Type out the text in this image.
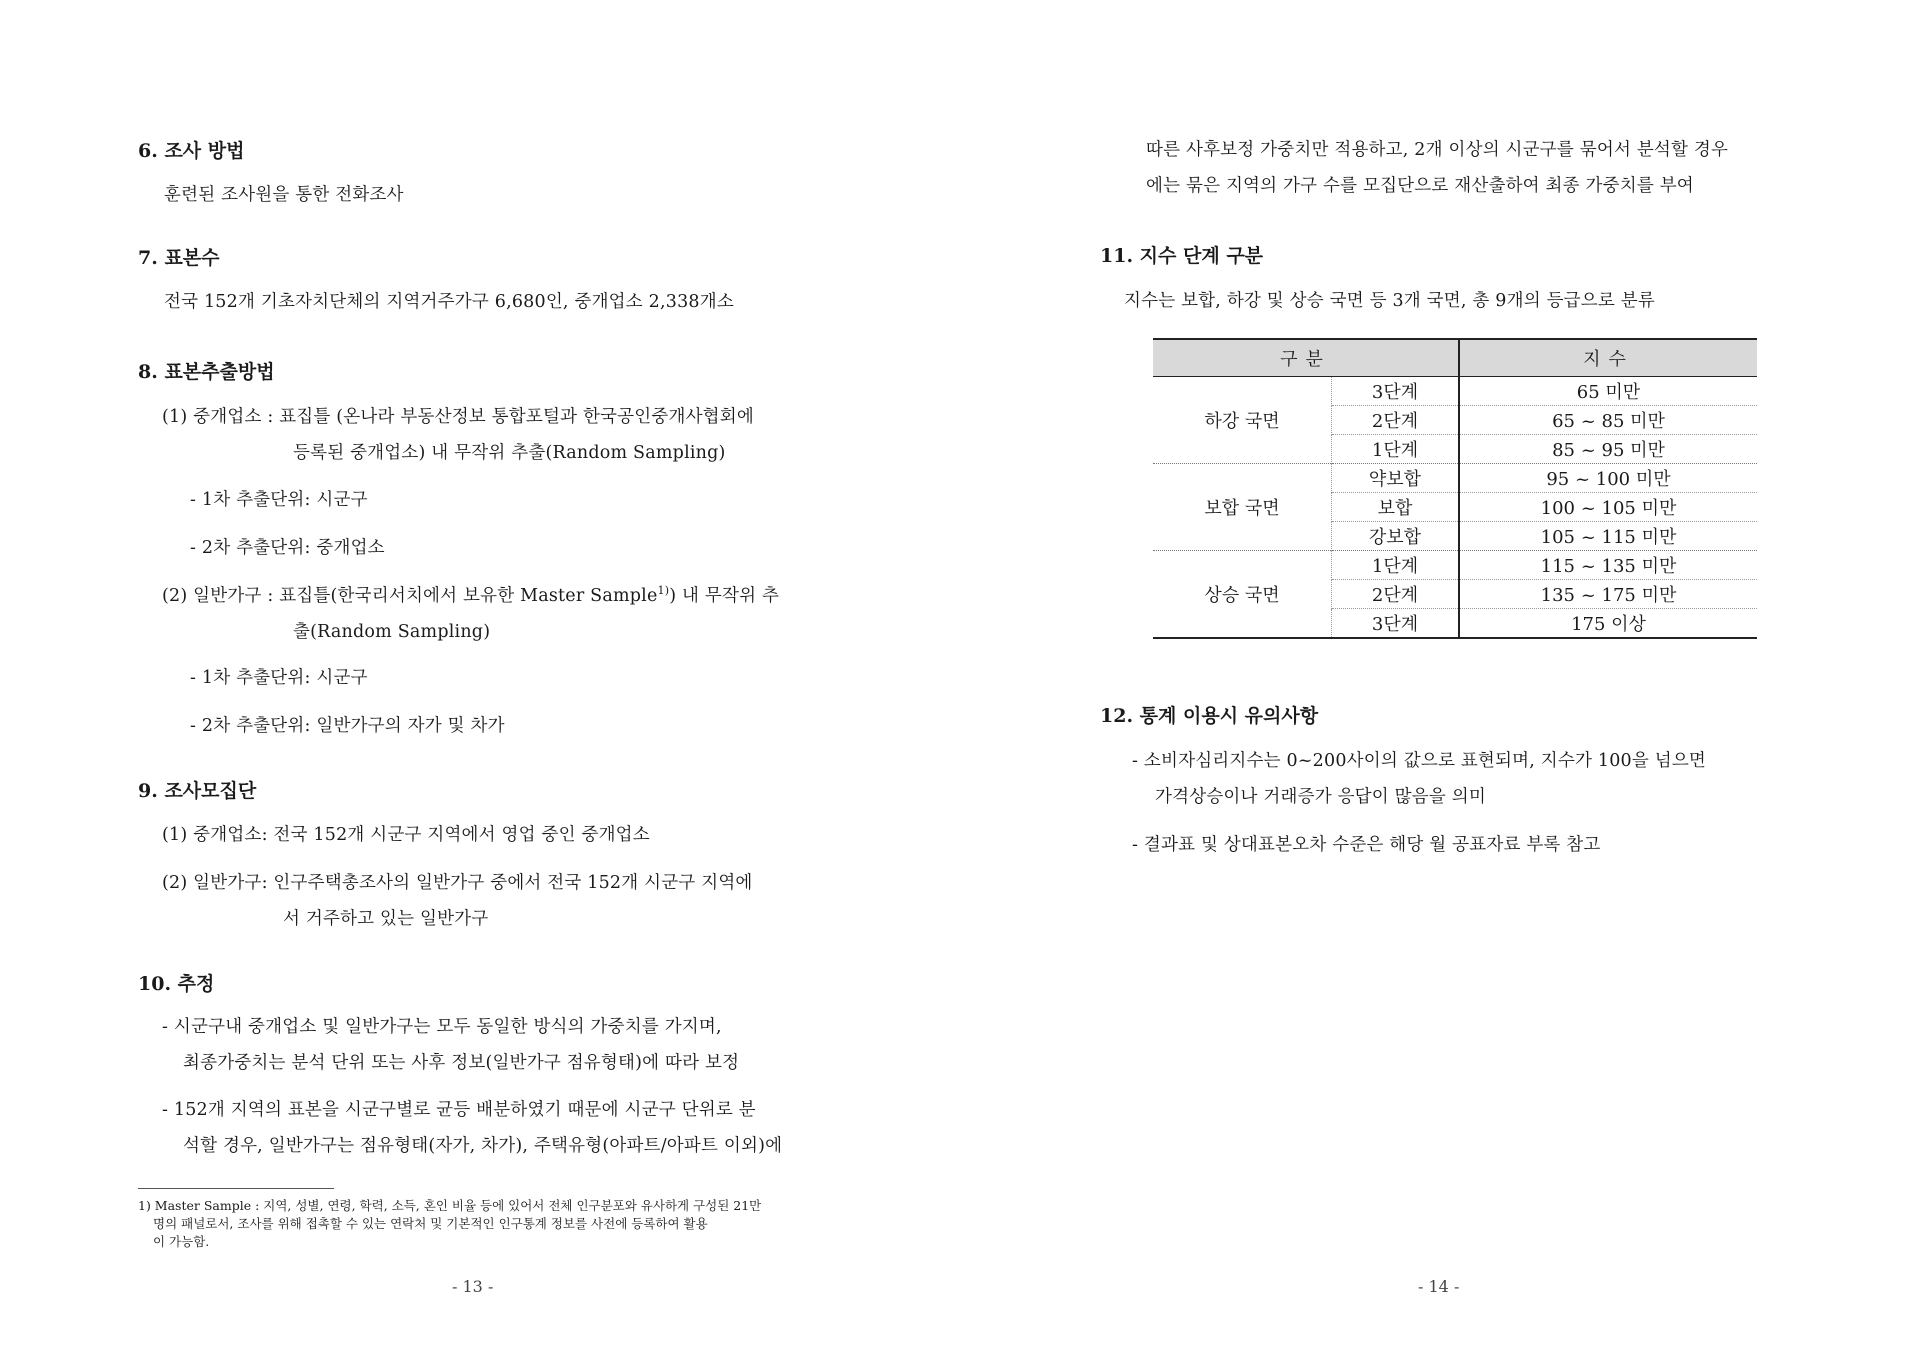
6. 조사 방법
훈련된 조사원을 통한 전화조사
7. 표본수
전국 152개 기초자치단체의 지역거주가구 6,680인, 중개업소 2,338개소
8. 표본추출방법
(1) 중개업소 : 표집틀 (온나라 부동산정보 통합포털과 한국공인중개사협회에
등록된 중개업소) 내 무작위 추출(Random Sampling)
- 1차 추출단위: 시군구
- 2차 추출단위: 중개업소
(2) 일반가구 : 표집틀(한국리서치에서 보유한 Master Sample$^{1)}$) 내 무작위 추
출(Random Sampling)
- 1차 추출단위: 시군구
- 2차 추출단위: 일반가구의 자가 및 차가
9. 조사모집단
(1) 중개업소: 전국 152개 시군구 지역에서 영업 중인 중개업소
(2) 일반가구: 인구주택총조사의 일반가구 중에서 전국 152개 시군구 지역에
서 거주하고 있는 일반가구
10. 추정
- 시군구내 중개업소 및 일반가구는 모두 동일한 방식의 가중치를 가지며,
최종가중치는 분석 단위 또는 사후 정보(일반가구 점유형태)에 따라 보정
- 152개 지역의 표본을 시군구별로 균등 배분하였기 때문에 시군구 단위로 분
석할 경우, 일반가구는 점유형태(자가, 차가), 주택유형(아파트/아파트 이외)에
1) Master Sample : 지역, 성별, 연령, 학력, 소득, 혼인 비율 등에 있어서 전체 인구분포와 유사하게 구성된 21만
명의 패널로서, 조사를 위해 접촉할 수 있는 연락처 및 기본적인 인구통계 정보를 사전에 등록하여 활용
이 가능함.
- 13 -
따른 사후보정 가중치만 적용하고, 2개 이상의 시군구를 묶어서 분석할 경우
에는 묶은 지역의 가구 수를 모집단으로 재산출하여 최종 가중치를 부여
11. 지수 단계 구분
지수는 보합, 하강 및 상승 국면 등 3개 국면, 총 9개의 등급으로 분류
구분		지수
하강 국면	3단계	65 미만
	2단계	65 ~ 85 미만
	1단계	85 ~ 95 미만
보합 국면	약보합	95 ~ 100 미만
	보합	100 ~ 105 미만
	강보합	105 ~ 115 미만
상승 국면	1단계	115 ~ 135 미만
	2단계	135 ~ 175 미만
	3단계	175 이상
12. 통계 이용시 유의사항
- 소비자심리지수는 0~200사이의 값으로 표현되며, 지수가 100을 넘으면
가격상승이나 거래증가 응답이 많음을 의미
- 결과표 및 상대표본오차 수준은 해당 월 공표자료 부록 참고
- 14 -
